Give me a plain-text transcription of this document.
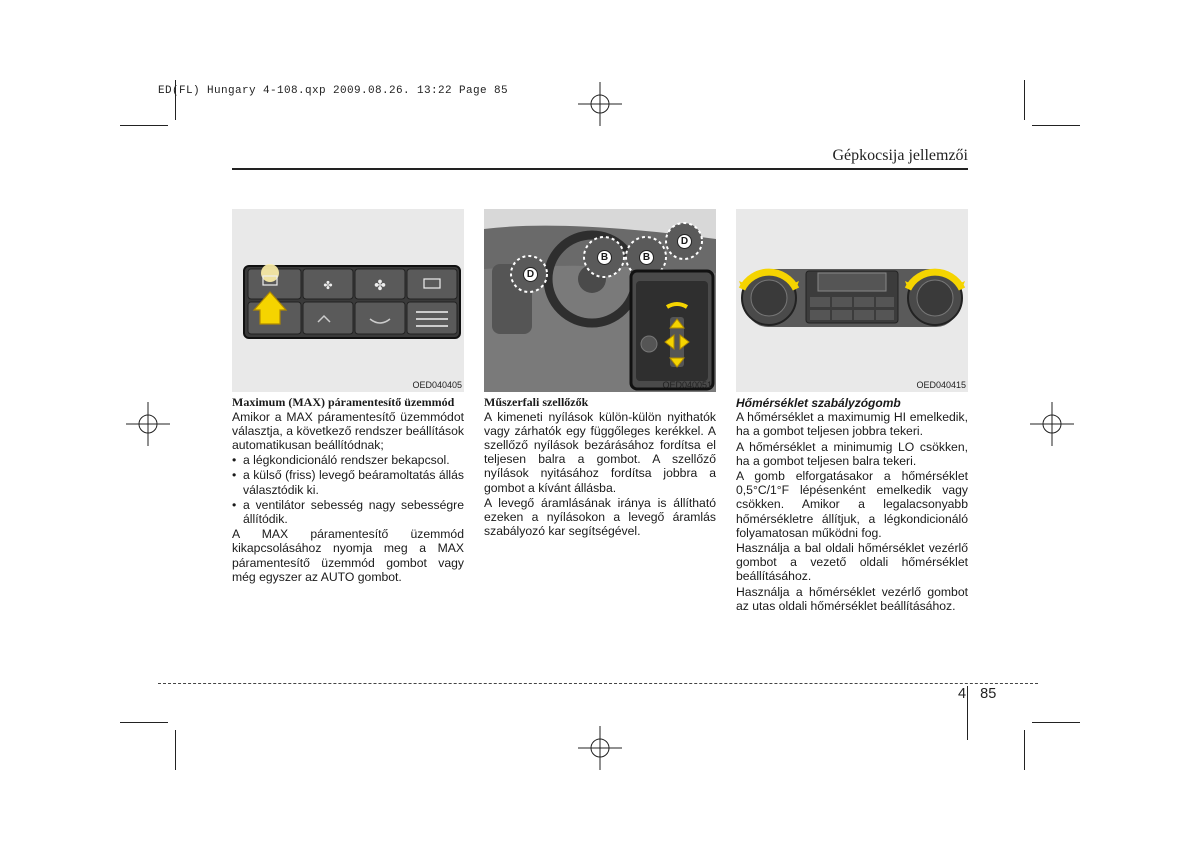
ED(FL) Hungary 4-108.qxp 2009.08.26. 13:22 Page 85
Gépkocsija jellemzői
✤	✤
OED040405
D
B	B
D
OED040051	OED040415

Maximum (MAX) páramentesítő üzemmód

Amikor a MAX páramentesítő üzemmódot választja, a következő rendszer beállítások automatikusan beállítódnak;

• a légkondicionáló rendszer bekapcsol.
• a külső (friss) levegő beáramoltatás állás választódik ki.
• a ventilátor sebesség nagy sebességre állítódik.

A MAX páramentesítő üzemmód kikapcsolásához nyomja meg a MAX páramentesítő üzemmód gombot vagy még egyszer az AUTO gombot.

Műszerfali szellőzők

A kimeneti nyílások külön-külön nyithatók vagy zárhatók egy függőleges kerékkel. A szellőző nyílások bezárásához fordítsa el teljesen balra a gombot. A szellőző nyílások nyitásához fordítsa jobbra a gombot a kívánt állásba.

A levegő áramlásának iránya is állítható ezeken a nyílásokon a levegő áramlás szabályozó kar segítségével.

Hőmérséklet szabályzógomb

A hőmérséklet a maximumig HI emelkedik, ha a gombot teljesen jobbra tekeri.

A hőmérséklet a minimumig LO csökken, ha a gombot teljesen balra tekeri.

A gomb elforgatásakor a hőmérséklet 0,5°C/1°F lépésenként emelkedik vagy csökken. Amikor a legalacsonyabb hőmérsékletre állítjuk, a légkondicionáló folyamatosan működni fog.

Használja a bal oldali hőmérséklet vezérlő gombot a vezető oldali hőmérséklet beállításához.

Használja a hőmérséklet vezérlő gombot az utas oldali hőmérséklet beállításához.

4 85
